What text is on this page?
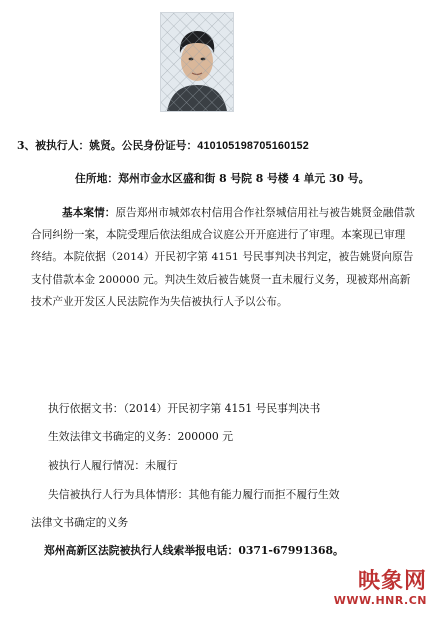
3、被执行人：姚贤。公民身份证号：410105198705160152
住所地：郑州市金水区盛和街 8 号院 8 号楼 4 单元 30 号。
基本案情：原告郑州市城郊农村信用合作社祭城信用社与被告姚贤金融借款合同纠纷一案，本院受理后依法组成合议庭公开开庭进行了审理。本案现已审理终结。本院依据（2014）开民初字第 4151 号民事判决书判定，被告姚贤向原告支付借款本金 200000 元。判决生效后被告姚贤一直未履行义务，现被郑州高新技术产业开发区人民法院作为失信被执行人予以公布。
执行依据文书：（2014）开民初字第 4151 号民事判决书
生效法律文书确定的义务：200000 元
被执行人履行情况：未履行
失信被执行人行为具体情形：其他有能力履行而拒不履行生效
法律文书确定的义务
郑州高新区法院被执行人线索举报电话：0371-67991368。
映象网
WWW.HNR.CN
